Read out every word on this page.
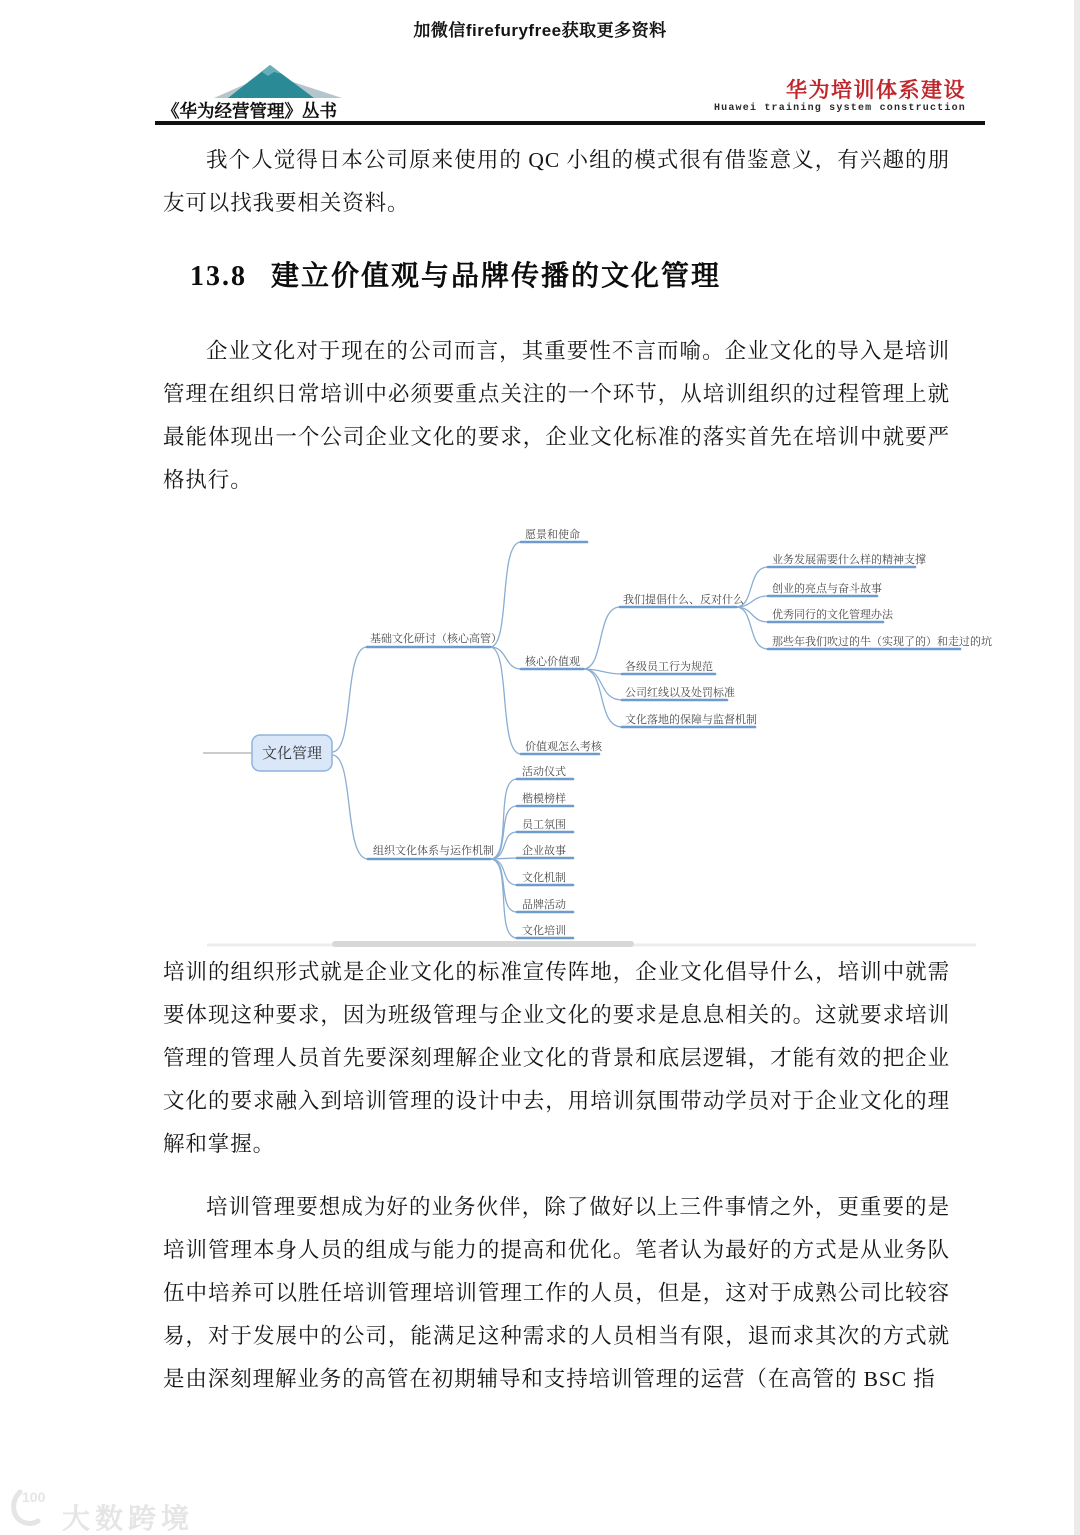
加微信firefuryfree获取更多资料
《华为经营管理》丛书
华为培训体系建设
Huawei training system construction
我个人觉得日本公司原来使用的 QC 小组的模式很有借鉴意义，有兴趣的朋友可以找我要相关资料。
13.8 建立价值观与品牌传播的文化管理
企业文化对于现在的公司而言，其重要性不言而喻。企业文化的导入是培训管理在组织日常培训中必须要重点关注的一个环节，从培训组织的过程管理上就最能体现出一个公司企业文化的要求，企业文化标准的落实首先在培训中就要严格执行。
文化管理
基础文化研讨（核心高管）
愿景和使命
核心价值观
价值观怎么考核
我们提倡什么、反对什么
各级员工行为规范
公司红线以及处罚标准
文化落地的保障与监督机制
业务发展需要什么样的精神支撑
创业的亮点与奋斗故事
优秀同行的文化管理办法
那些年我们吹过的牛（实现了的）和走过的坑
组织文化体系与运作机制
活动仪式
楷模榜样
员工氛围
企业故事
文化机制
品牌活动
文化培训
培训的组织形式就是企业文化的标准宣传阵地，企业文化倡导什么，培训中就需要体现这种要求，因为班级管理与企业文化的要求是息息相关的。这就要求培训管理的管理人员首先要深刻理解企业文化的背景和底层逻辑，才能有效的把企业文化的要求融入到培训管理的设计中去，用培训氛围带动学员对于企业文化的理解和掌握。
培训管理要想成为好的业务伙伴，除了做好以上三件事情之外，更重要的是培训管理本身人员的组成与能力的提高和优化。笔者认为最好的方式是从业务队伍中培养可以胜任培训管理培训管理工作的人员，但是，这对于成熟公司比较容易，对于发展中的公司，能满足这种需求的人员相当有限，退而求其次的方式就是由深刻理解业务的高管在初期辅导和支持培训管理的运营（在高管的 BSC 指
100
大数跨境
